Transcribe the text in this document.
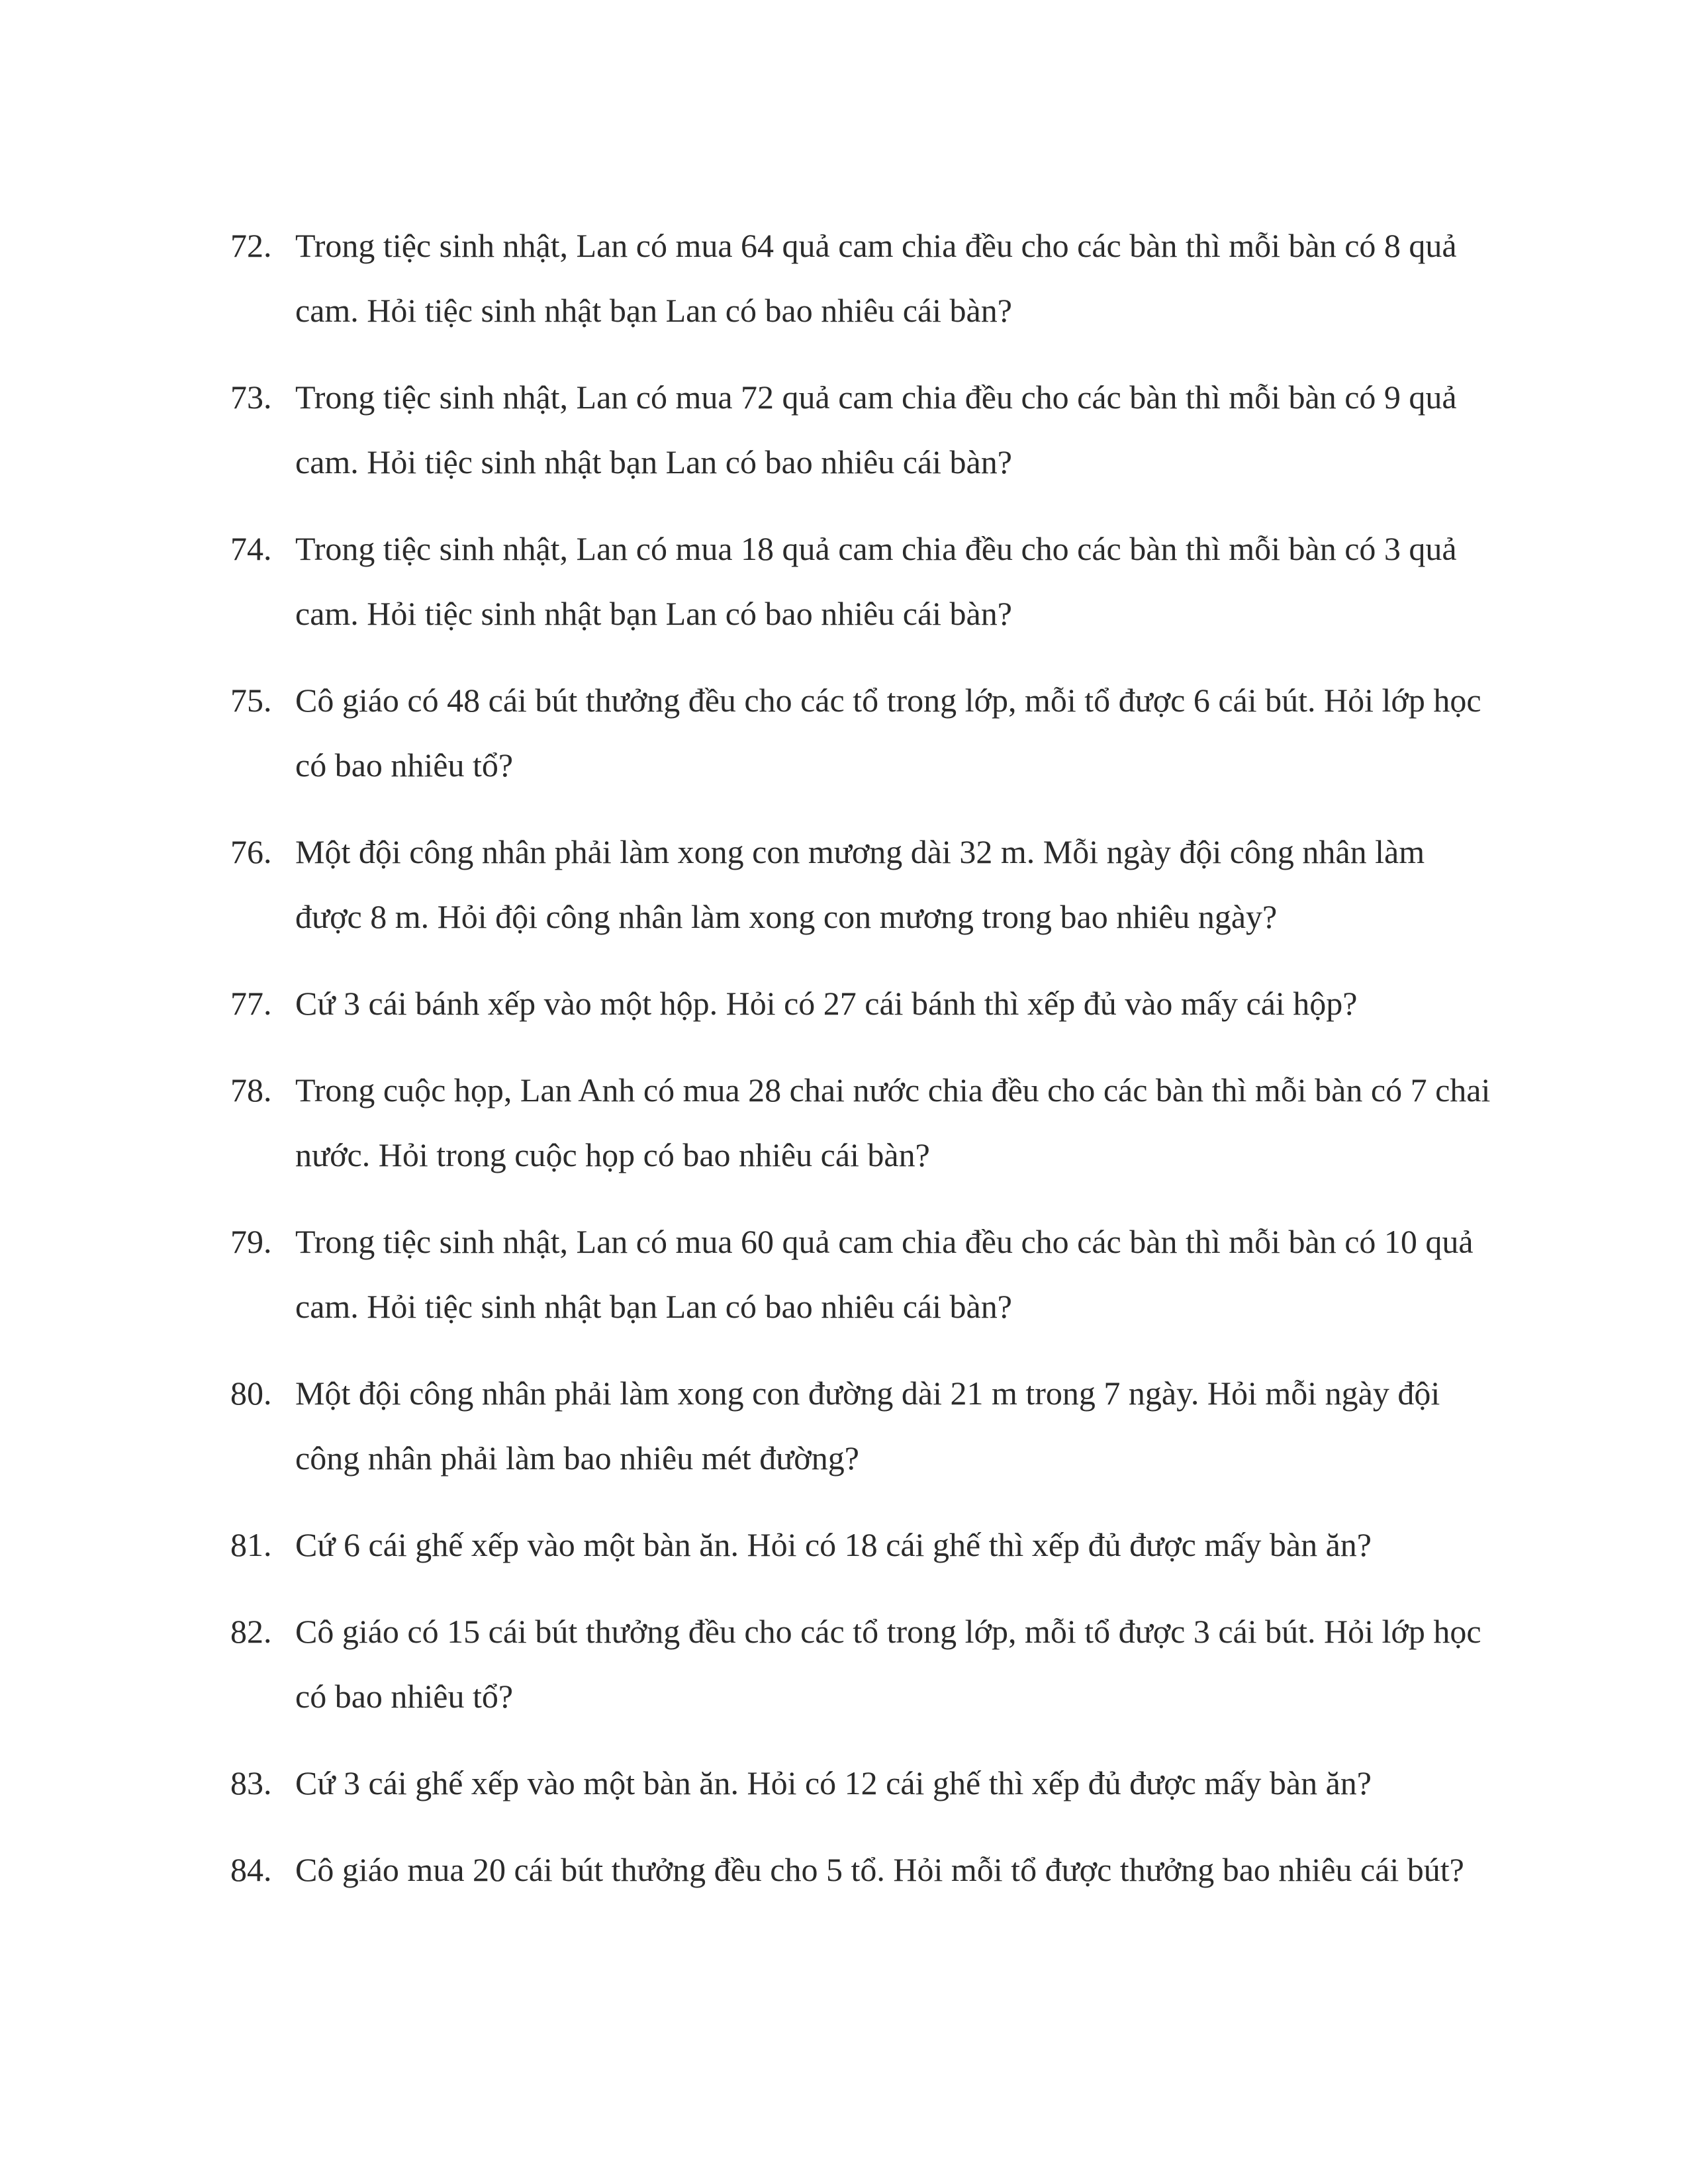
72. Trong tiệc sinh nhật, Lan có mua 64 quả cam chia đều cho các bàn thì mỗi bàn có 8 quả cam. Hỏi tiệc sinh nhật bạn Lan có bao nhiêu cái bàn?
73. Trong tiệc sinh nhật, Lan có mua 72 quả cam chia đều cho các bàn thì mỗi bàn có 9 quả cam. Hỏi tiệc sinh nhật bạn Lan có bao nhiêu cái bàn?
74. Trong tiệc sinh nhật, Lan có mua 18 quả cam chia đều cho các bàn thì mỗi bàn có 3 quả cam. Hỏi tiệc sinh nhật bạn Lan có bao nhiêu cái bàn?
75. Cô giáo có 48 cái bút thưởng đều cho các tổ trong lớp, mỗi tổ được 6 cái bút. Hỏi lớp học có bao nhiêu tổ?
76. Một đội công nhân phải làm xong con mương dài 32 m. Mỗi ngày đội công nhân làm được 8 m. Hỏi đội công nhân làm xong con mương trong bao nhiêu ngày?
77. Cứ 3 cái bánh xếp vào một hộp. Hỏi có 27 cái bánh thì xếp đủ vào mấy cái hộp?
78. Trong cuộc họp, Lan Anh có mua 28 chai nước chia đều cho các bàn thì mỗi bàn có 7 chai nước. Hỏi trong cuộc họp có bao nhiêu cái bàn?
79. Trong tiệc sinh nhật, Lan có mua 60 quả cam chia đều cho các bàn thì mỗi bàn có 10 quả cam. Hỏi tiệc sinh nhật bạn Lan có bao nhiêu cái bàn?
80. Một đội công nhân phải làm xong con đường dài 21 m trong 7 ngày. Hỏi mỗi ngày đội công nhân phải làm bao nhiêu mét đường?
81. Cứ 6 cái ghế xếp vào một bàn ăn. Hỏi có 18 cái ghế thì xếp đủ được mấy bàn ăn?
82. Cô giáo có 15 cái bút thưởng đều cho các tổ trong lớp, mỗi tổ được 3 cái bút. Hỏi lớp học có bao nhiêu tổ?
83. Cứ 3 cái ghế xếp vào một bàn ăn. Hỏi có 12 cái ghế thì xếp đủ được mấy bàn ăn?
84. Cô giáo mua 20 cái bút thưởng đều cho 5 tổ. Hỏi mỗi tổ được thưởng bao nhiêu cái bút?
